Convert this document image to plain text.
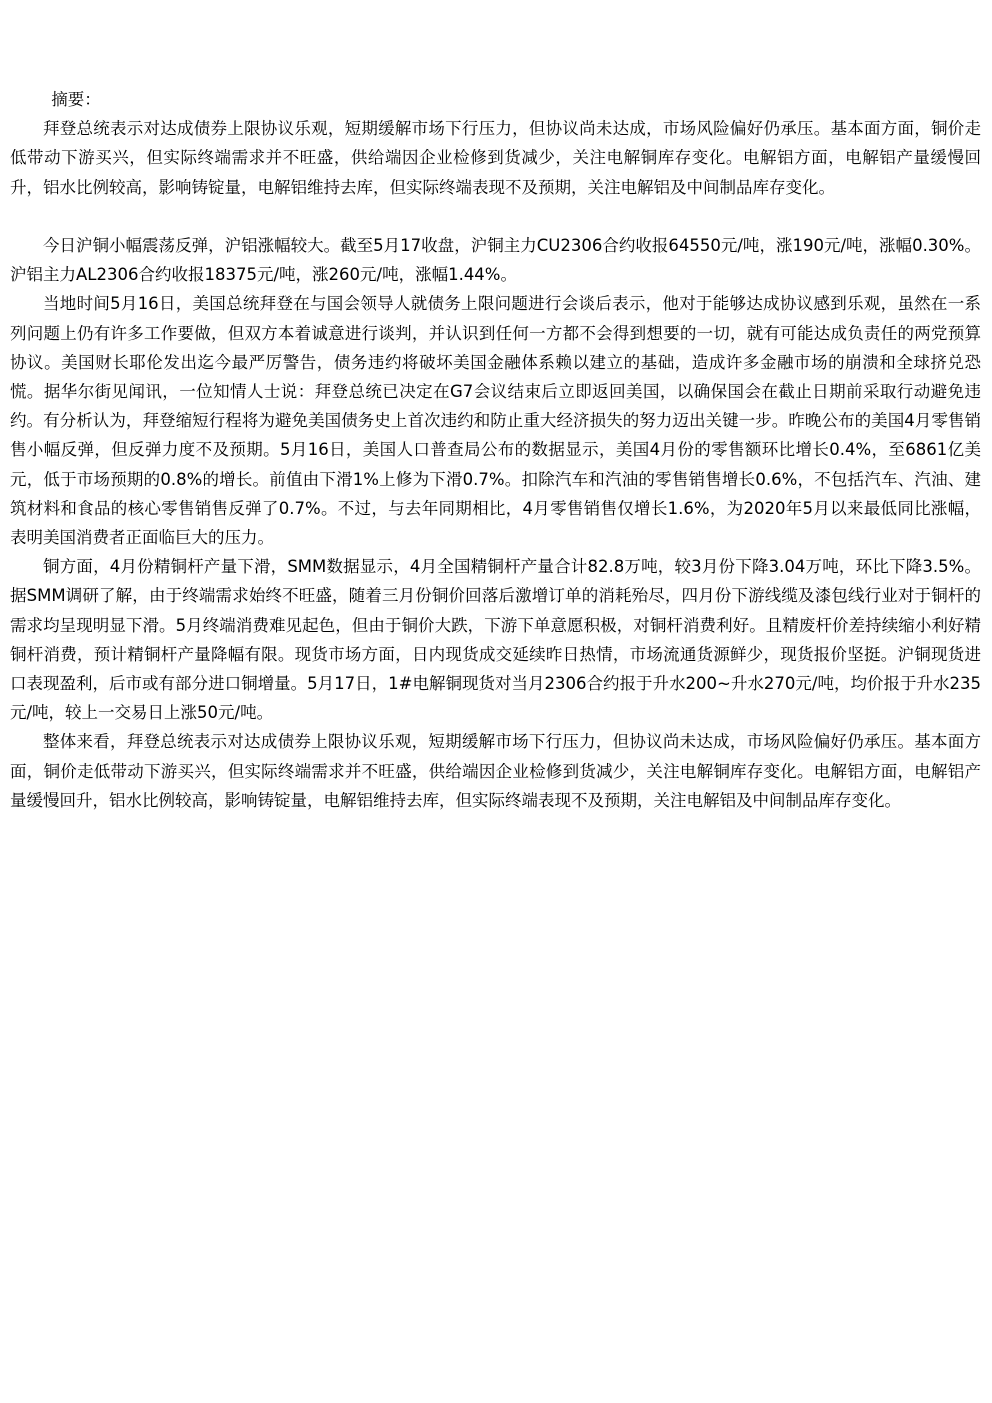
摘要：

拜登总统表示对达成债券上限协议乐观，短期缓解市场下行压力，但协议尚未达成，市场风险偏好仍承压。基本面方面，铜价走低带动下游买兴，但实际终端需求并不旺盛，供给端因企业检修到货减少，关注电解铜库存变化。电解铝方面，电解铝产量缓慢回升，铝水比例较高，影响铸锭量，电解铝维持去库，但实际终端表现不及预期，关注电解铝及中间制品库存变化。

今日沪铜小幅震荡反弹，沪铝涨幅较大。截至5月17收盘，沪铜主力CU2306合约收报64550元/吨，涨190元/吨，涨幅0.30%。沪铝主力AL2306合约收报18375元/吨，涨260元/吨，涨幅1.44%。

当地时间5月16日，美国总统拜登在与国会领导人就债务上限问题进行会谈后表示，他对于能够达成协议感到乐观，虽然在一系列问题上仍有许多工作要做，但双方本着诚意进行谈判，并认识到任何一方都不会得到想要的一切，就有可能达成负责任的两党预算协议。美国财长耶伦发出迄今最严厉警告，债务违约将破坏美国金融体系赖以建立的基础，造成许多金融市场的崩溃和全球挤兑恐慌。据华尔街见闻讯，一位知情人士说：拜登总统已决定在G7会议结束后立即返回美国，以确保国会在截止日期前采取行动避免违约。有分析认为，拜登缩短行程将为避免美国债务史上首次违约和防止重大经济损失的努力迈出关键一步。昨晚公布的美国4月零售销售小幅反弹，但反弹力度不及预期。5月16日，美国人口普查局公布的数据显示，美国4月份的零售额环比增长0.4%，至6861亿美元，低于市场预期的0.8%的增长。前值由下滑1%上修为下滑0.7%。扣除汽车和汽油的零售销售增长0.6%，不包括汽车、汽油、建筑材料和食品的核心零售销售反弹了0.7%。不过，与去年同期相比，4月零售销售仅增长1.6%，为2020年5月以来最低同比涨幅，表明美国消费者正面临巨大的压力。

铜方面，4月份精铜杆产量下滑，SMM数据显示，4月全国精铜杆产量合计82.8万吨，较3月份下降3.04万吨，环比下降3.5%。据SMM调研了解，由于终端需求始终不旺盛，随着三月份铜价回落后激增订单的消耗殆尽，四月份下游线缆及漆包线行业对于铜杆的需求均呈现明显下滑。5月终端消费难见起色，但由于铜价大跌，下游下单意愿积极，对铜杆消费利好。且精废杆价差持续缩小利好精铜杆消费，预计精铜杆产量降幅有限。现货市场方面，日内现货成交延续昨日热情，市场流通货源鲜少，现货报价坚挺。沪铜现货进口表现盈利，后市或有部分进口铜增量。5月17日，1#电解铜现货对当月2306合约报于升水200~升水270元/吨，均价报于升水235元/吨，较上一交易日上涨50元/吨。

整体来看，拜登总统表示对达成债券上限协议乐观，短期缓解市场下行压力，但协议尚未达成，市场风险偏好仍承压。基本面方面，铜价走低带动下游买兴，但实际终端需求并不旺盛，供给端因企业检修到货减少，关注电解铜库存变化。电解铝方面，电解铝产量缓慢回升，铝水比例较高，影响铸锭量，电解铝维持去库，但实际终端表现不及预期，关注电解铝及中间制品库存变化。
